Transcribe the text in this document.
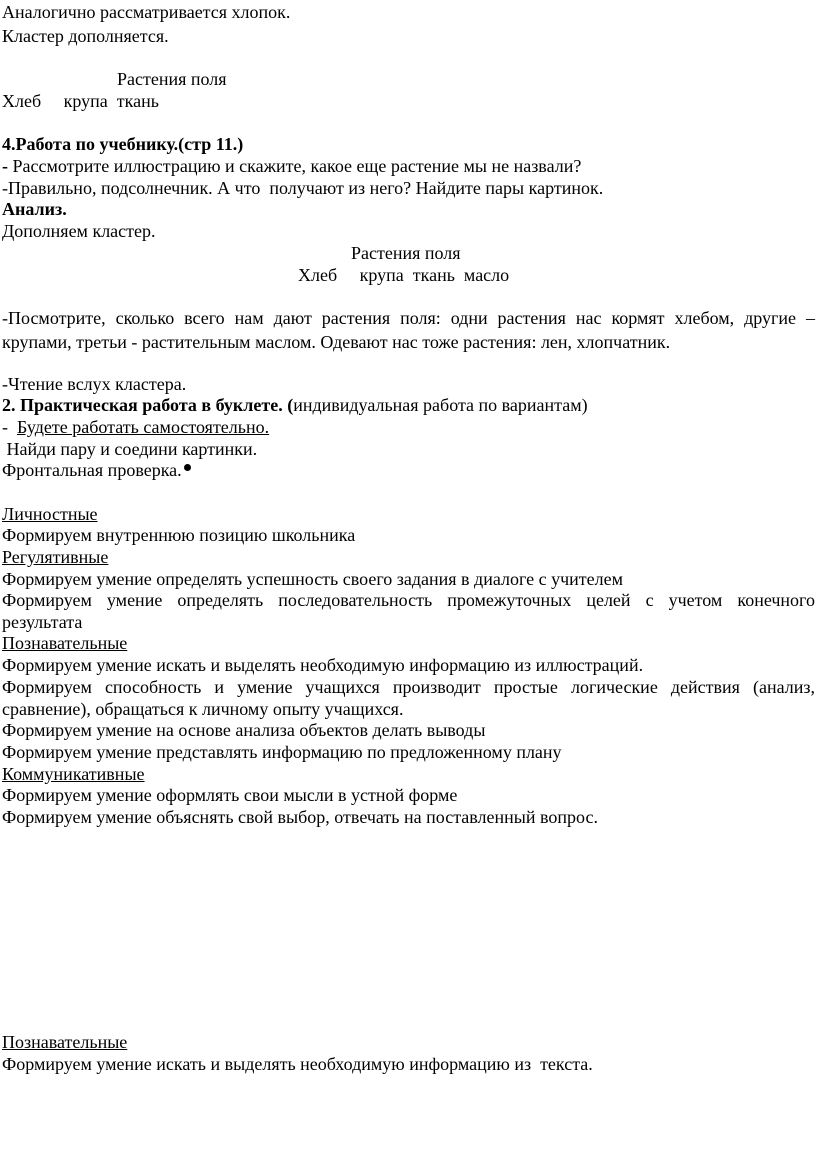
Аналогично рассматривается хлопок.
Кластер дополняется.
Растения поля
Хлеб     крупа  ткань
4.Работа по учебнику.(стр 11.)
- Рассмотрите иллюстрацию и скажите, какое еще растение мы не назвали?
-Правильно, подсолнечник. А что  получают из него? Найдите пары картинок.
Анализ.
Дополняем кластер.
Растения поля
Хлеб     крупа  ткань  масло
-Посмотрите, сколько всего нам дают растения поля: одни растения нас кормят хлебом, другие – крупами, третьи - растительным маслом. Одевают нас тоже растения: лен, хлопчатник.
-Чтение вслух кластера.
2. Практическая работа в буклете. (индивидуальная работа по вариантам)
-  Будете работать самостоятельно.
Найди пару и соедини картинки.
Фронтальная проверка.
Личностные
Формируем внутреннюю позицию школьника
Регулятивные
Формируем умение определять успешность своего задания в диалоге с учителем
Формируем умение определять последовательность промежуточных целей с учетом конечного
результата
Познавательные
Формируем умение искать и выделять необходимую информацию из иллюстраций.
Формируем способность и умение учащихся производит простые логические действия (анализ,
сравнение), обращаться к личному опыту учащихся.
Формируем умение на основе анализа объектов делать выводы
Формируем умение представлять информацию по предложенному плану
Коммуникативные
Формируем умение оформлять свои мысли в устной форме
Формируем умение объяснять свой выбор, отвечать на поставленный вопрос.
Познавательные
Формируем умение искать и выделять необходимую информацию из  текста.
